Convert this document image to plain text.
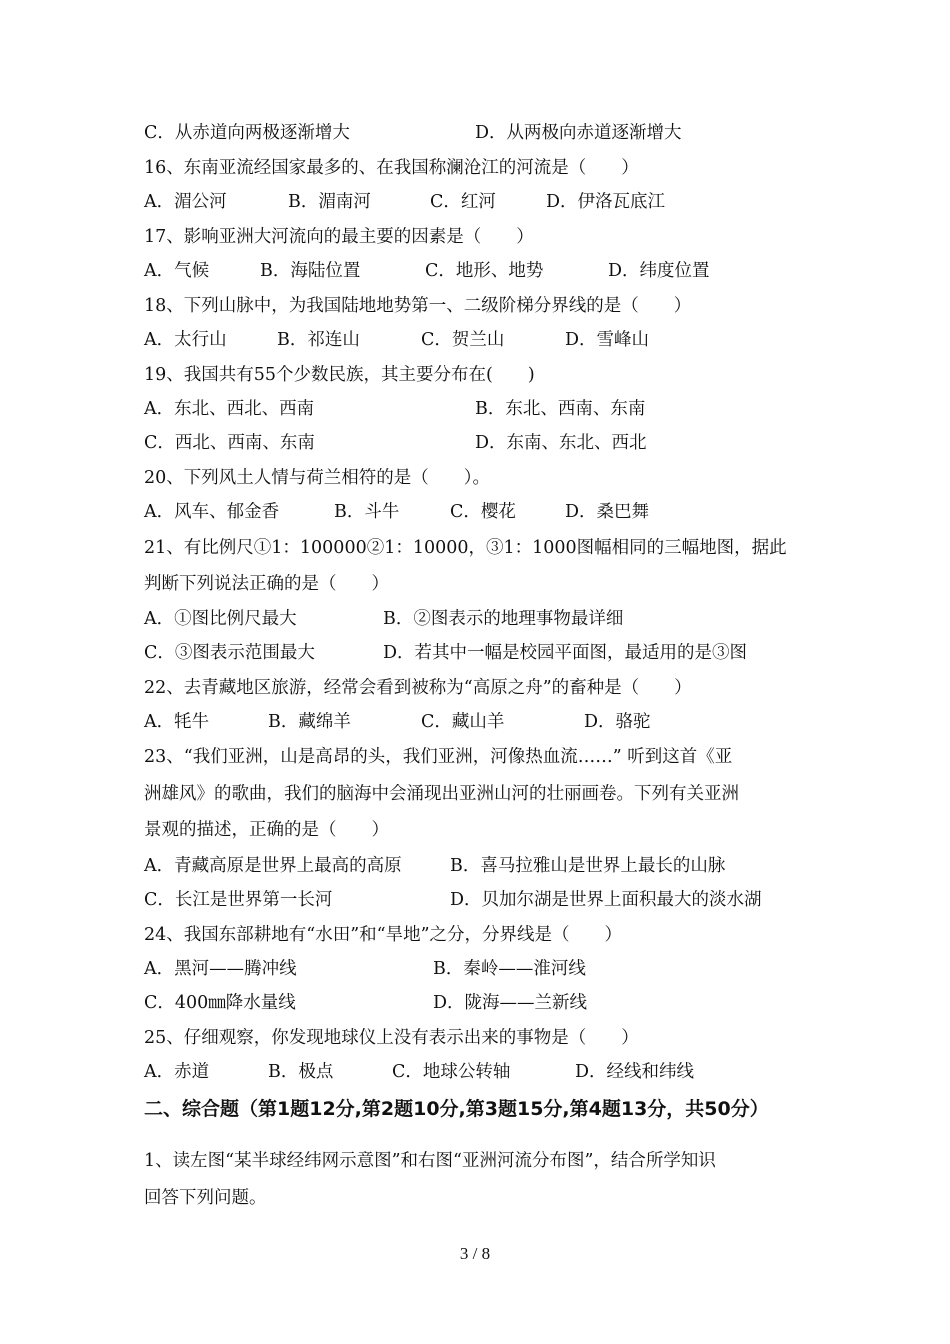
C．从赤道向两极逐渐增大	D．从两极向赤道逐渐增大
16、东南亚流经国家最多的、在我国称澜沧江的河流是（　　）
A．湄公河	B．湄南河	C．红河	D．伊洛瓦底江
17、影响亚洲大河流向的最主要的因素是（　　）
A．气候	B．海陆位置	C．地形、地势	D．纬度位置
18、下列山脉中，为我国陆地地势第一、二级阶梯分界线的是（　　）
A．太行山	B．祁连山	C．贺兰山	D．雪峰山
19、我国共有55个少数民族，其主要分布在(　　)
A．东北、西北、西南	B．东北、西南、东南
C．西北、西南、东南	D．东南、东北、西北
20、下列风土人情与荷兰相符的是（　　）。
A．风车、郁金香	B．斗牛	C．樱花	D．桑巴舞
21、有比例尺①1：100000②1：10000，③1：1000图幅相同的三幅地图，据此
判断下列说法正确的是（　　）
A．①图比例尺最大	B．②图表示的地理事物最详细
C．③图表示范围最大	D．若其中一幅是校园平面图，最适用的是③图
22、去青藏地区旅游，经常会看到被称为“高原之舟”的畜种是（　　）
A．牦牛	B．藏绵羊	C．藏山羊	D．骆驼
23、“我们亚洲，山是高昂的头，我们亚洲，河像热血流……” 听到这首《亚
洲雄风》的歌曲，我们的脑海中会涌现出亚洲山河的壮丽画卷。下列有关亚洲
景观的描述，正确的是（　　）
A．青藏高原是世界上最高的高原	B．喜马拉雅山是世界上最长的山脉
C．长江是世界第一长河	D．贝加尔湖是世界上面积最大的淡水湖
24、我国东部耕地有“水田”和“旱地”之分，分界线是（　　）
A．黑河——腾冲线	B．秦岭——淮河线
C．400㎜降水量线	D．陇海——兰新线
25、仔细观察，你发现地球仪上没有表示出来的事物是（　　）
A．赤道	B．极点	C．地球公转轴	D．经线和纬线
二、综合题（第1题12分,第2题10分,第3题15分,第4题13分，共50分）
1、读左图“某半球经纬网示意图”和右图“亚洲河流分布图”，结合所学知识
回答下列问题。
3 / 8
